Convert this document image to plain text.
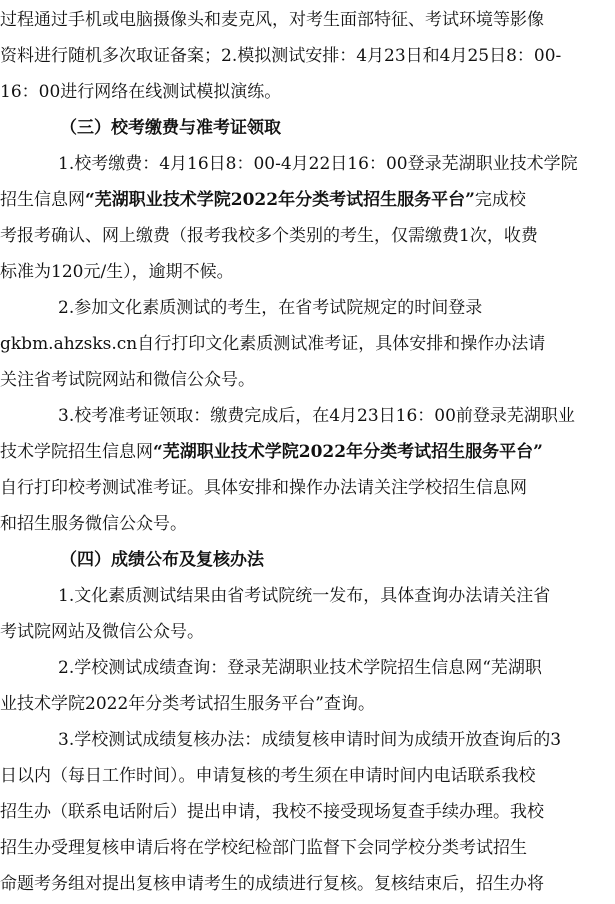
过程通过手机或电脑摄像头和麦克风，对考生面部特征、考试环境等影像
资料进行随机多次取证备案；2.模拟测试安排：4月23日和4月25日8：00-
16：00进行网络在线测试模拟演练。
（三）校考缴费与准考证领取
1.校考缴费：4月16日8：00-4月22日16：00登录芜湖职业技术学院
招生信息网“芜湖职业技术学院2022年分类考试招生服务平台”完成校
考报考确认、网上缴费（报考我校多个类别的考生，仅需缴费1次，收费
标准为120元/生），逾期不候。
2.参加文化素质测试的考生，在省考试院规定的时间登录
gkbm.ahzsks.cn自行打印文化素质测试准考证，具体安排和操作办法请
关注省考试院网站和微信公众号。
3.校考准考证领取：缴费完成后，在4月23日16：00前登录芜湖职业
技术学院招生信息网“芜湖职业技术学院2022年分类考试招生服务平台”
自行打印校考测试准考证。具体安排和操作办法请关注学校招生信息网
和招生服务微信公众号。
（四）成绩公布及复核办法
1.文化素质测试结果由省考试院统一发布，具体查询办法请关注省
考试院网站及微信公众号。
2.学校测试成绩查询：登录芜湖职业技术学院招生信息网“芜湖职
业技术学院2022年分类考试招生服务平台”查询。
3.学校测试成绩复核办法：成绩复核申请时间为成绩开放查询后的3
日以内（每日工作时间）。申请复核的考生须在申请时间内电话联系我校
招生办（联系电话附后）提出申请，我校不接受现场复查手续办理。我校
招生办受理复核申请后将在学校纪检部门监督下会同学校分类考试招生
命题考务组对提出复核申请考生的成绩进行复核。复核结束后，招生办将
